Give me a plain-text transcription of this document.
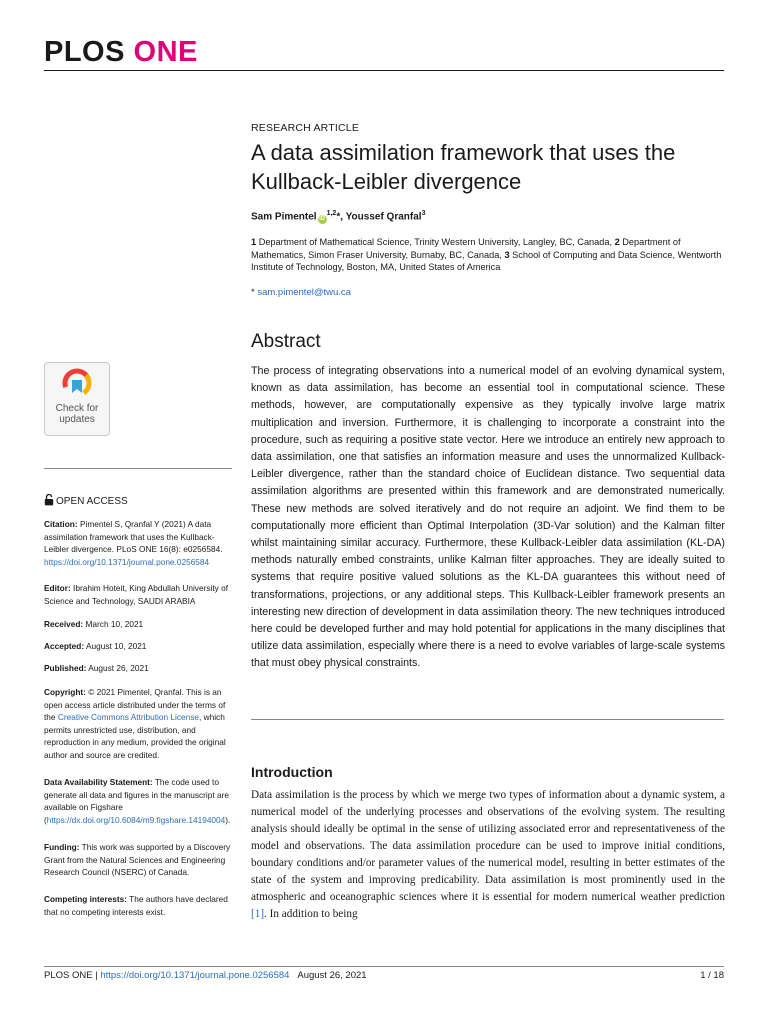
PLOS ONE
RESEARCH ARTICLE
A data assimilation framework that uses the
Kullback-Leibler divergence
Sam Pimentel iD$^{1,2}$*, Youssef Qranfal$^3$
1 Department of Mathematical Science, Trinity Western University, Langley, BC, Canada, 2 Department of Mathematics, Simon Fraser University, Burnaby, BC, Canada, 3 School of Computing and Data Science, Wentworth Institute of Technology, Boston, MA, United States of America
* sam.pimentel@twu.ca
Abstract
The process of integrating observations into a numerical model of an evolving dynamical system, known as data assimilation, has become an essential tool in computational science. These methods, however, are computationally expensive as they typically involve large matrix multiplication and inversion. Furthermore, it is challenging to incorporate a constraint into the procedure, such as requiring a positive state vector. Here we introduce an entirely new approach to data assimilation, one that satisfies an information measure and uses the unnormalized Kullback-Leibler divergence, rather than the standard choice of Euclidean distance. Two sequential data assimilation algorithms are presented within this framework and are demonstrated numerically. These new methods are solved iteratively and do not require an adjoint. We find them to be computationally more efficient than Optimal Interpolation (3D-Var solution) and the Kalman filter whilst maintaining similar accuracy. Furthermore, these Kullback-Leibler data assimilation (KL-DA) methods naturally embed constraints, unlike Kalman filter approaches. They are ideally suited to systems that require positive valued solutions as the KL-DA guarantees this without need of transformations, projections, or any additional steps. This Kullback-Leibler framework presents an interesting new direction of development in data assimilation theory. The new techniques introduced here could be developed further and may hold potential for applications in the many disciplines that utilize data assimilation, especially where there is a need to evolve variables of large-scale systems that must obey physical constraints.
Introduction
Data assimilation is the process by which we merge two types of information about a dynamic system, a numerical model of the underlying processes and observations of the evolving system. The resulting analysis should ideally be optimal in the sense of utilizing associated error and representativeness of the model and observations. The data assimilation procedure can be used to improve initial conditions, boundary conditions and/or parameter values of the numerical model, resulting in better estimates of the state of the system and improving predicability. Data assimilation is most prominently used in the atmospheric and oceanographic sciences where it is essential for modern numerical weather prediction [1]. In addition to being
Check for
updates
OPEN ACCESS
Citation: Pimentel S, Qranfal Y (2021) A data assimilation framework that uses the Kullback-Leibler divergence. PLoS ONE 16(8): e0256584. https://doi.org/10.1371/journal.pone.0256584
Editor: Ibrahim Hoteit, King Abdullah University of Science and Technology, SAUDI ARABIA
Received: March 10, 2021
Accepted: August 10, 2021
Published: August 26, 2021
Copyright: © 2021 Pimentel, Qranfal. This is an open access article distributed under the terms of the Creative Commons Attribution License, which permits unrestricted use, distribution, and reproduction in any medium, provided the original author and source are credited.
Data Availability Statement: The code used to generate all data and figures in the manuscript are available on Figshare (https://dx.doi.org/10.6084/m9.figshare.14194004).
Funding: This work was supported by a Discovery Grant from the Natural Sciences and Engineering Research Council (NSERC) of Canada.
Competing interests: The authors have declared that no competing interests exist.
PLOS ONE | https://doi.org/10.1371/journal.pone.0256584 August 26, 2021	1 / 18
